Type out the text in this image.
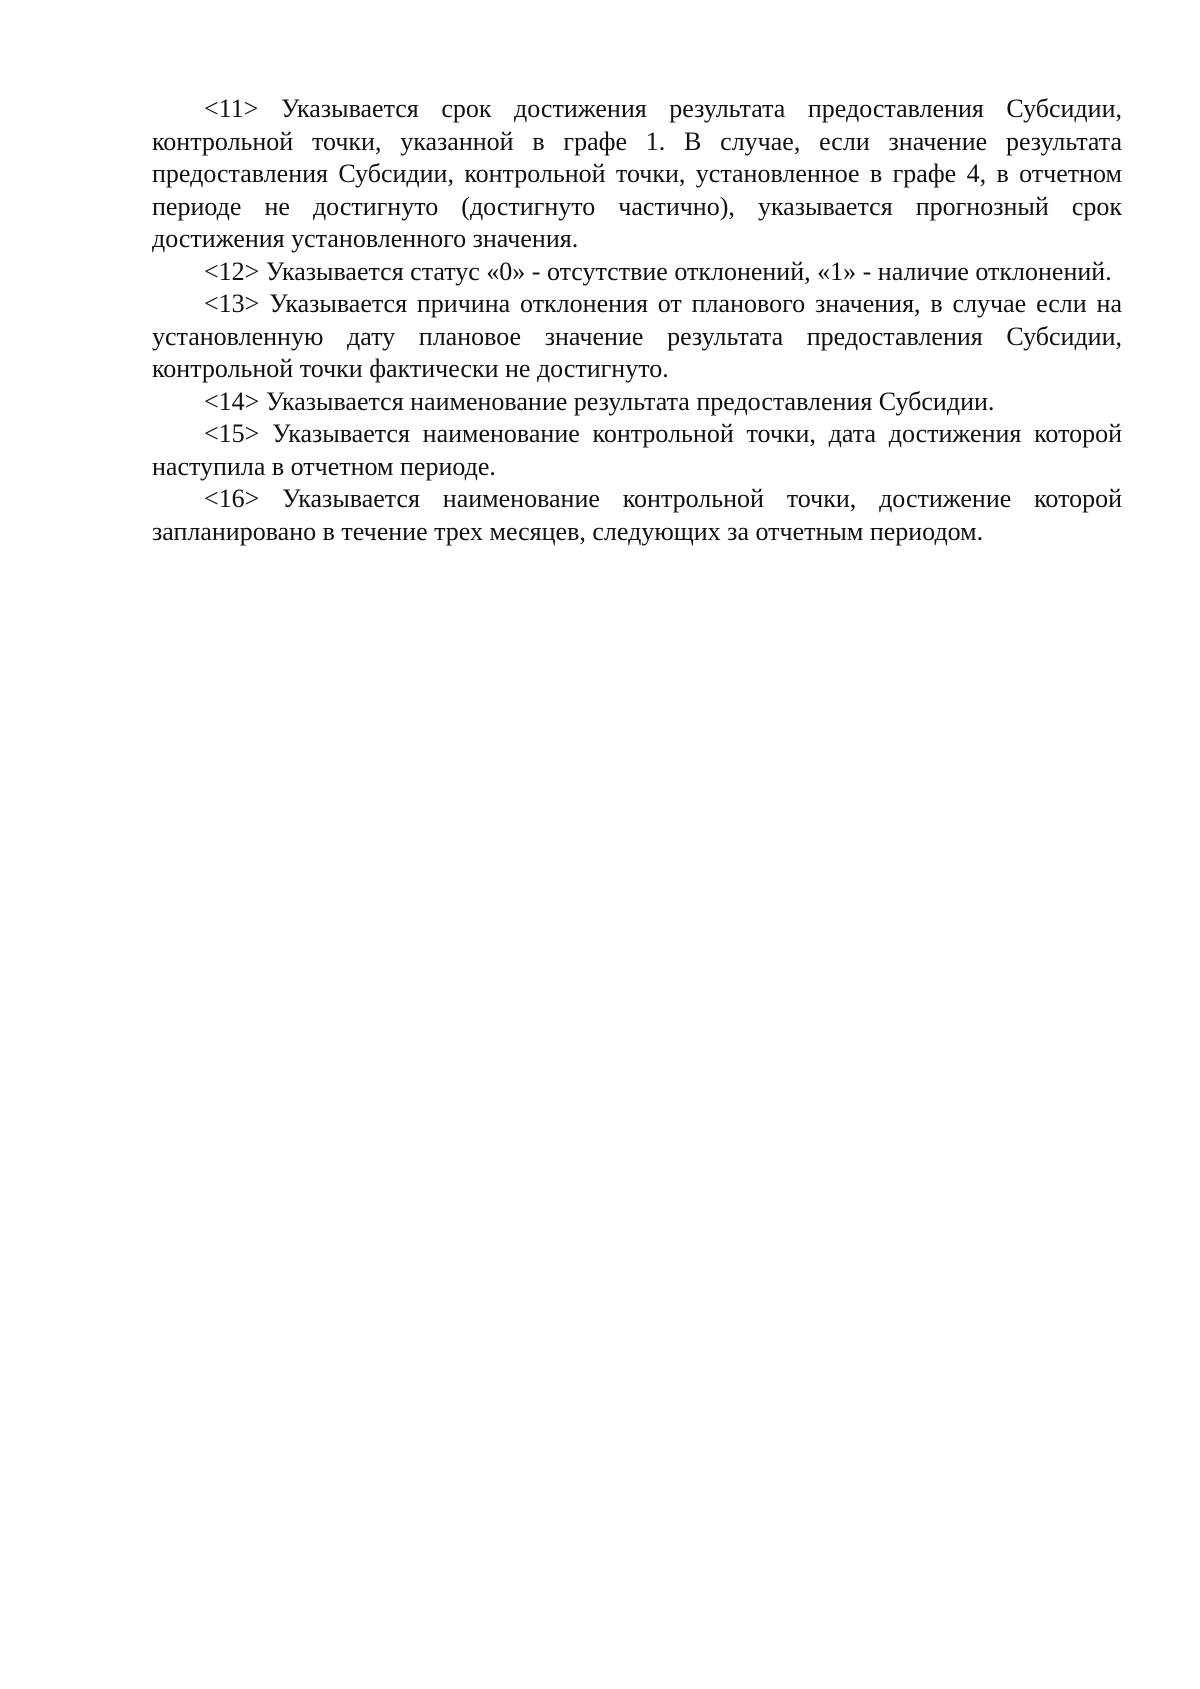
<11> Указывается срок достижения результата предоставления Субсидии, контрольной точки, указанной в графе 1. В случае, если значение результата предоставления Субсидии, контрольной точки, установленное в графе 4, в отчетном периоде не достигнуто (достигнуто частично), указывается прогнозный срок достижения установленного значения.

<12> Указывается статус «0» - отсутствие отклонений, «1» - наличие отклонений.

<13> Указывается причина отклонения от планового значения, в случае если на установленную дату плановое значение результата предоставления Субсидии, контрольной точки фактически не достигнуто.

<14> Указывается наименование результата предоставления Субсидии.

<15> Указывается наименование контрольной точки, дата достижения которой наступила в отчетном периоде.

<16> Указывается наименование контрольной точки, достижение которой запланировано в течение трех месяцев, следующих за отчетным периодом.
